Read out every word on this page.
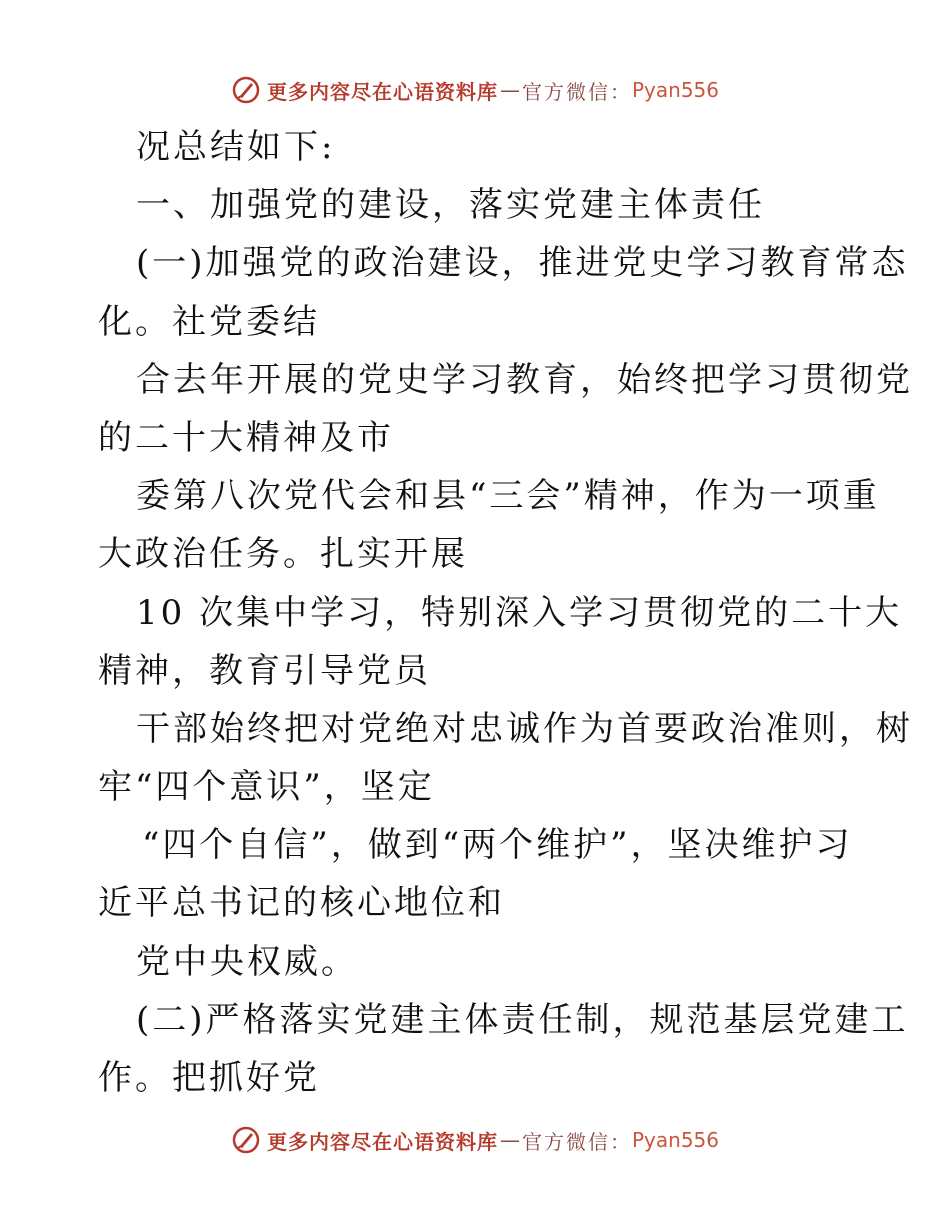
更多内容尽在心语资料库 — 官方微信： Pyan556
况总结如下:
一、加强党的建设，落实党建主体责任
(一)加强党的政治建设，推进党史学习教育常态
化。社党委结
合去年开展的党史学习教育，始终把学习贯彻党
的二十大精神及市
委第八次党代会和县“三会”精神，作为一项重
大政治任务。扎实开展
10 次集中学习，特别深入学习贯彻党的二十大
精神，教育引导党员
干部始终把对党绝对忠诚作为首要政治准则，树
牢“四个意识”，坚定
“四个自信”，做到“两个维护”，坚决维护习
近平总书记的核心地位和
党中央权威。
(二)严格落实党建主体责任制，规范基层党建工
作。把抓好党
更多内容尽在心语资料库 — 官方微信： Pyan556
